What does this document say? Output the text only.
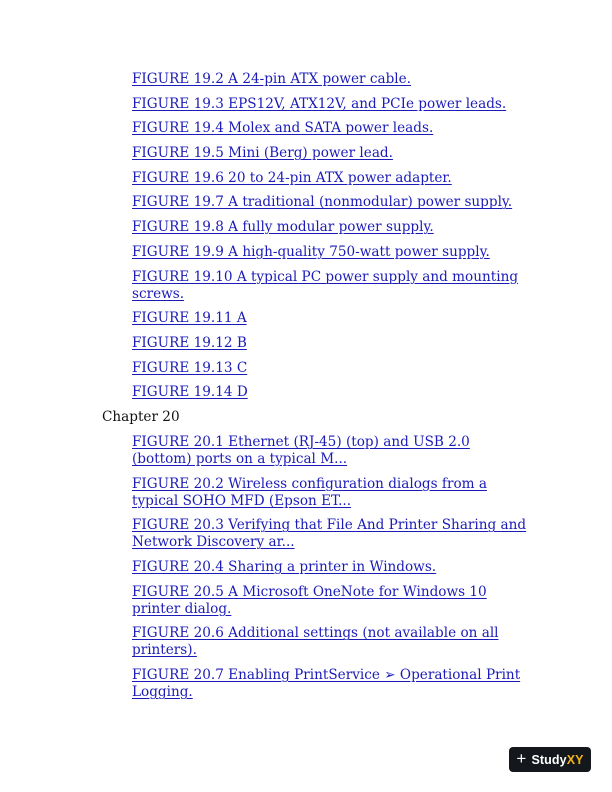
FIGURE 19.2 A 24-pin ATX power cable.
FIGURE 19.3 EPS12V, ATX12V, and PCIe power leads.
FIGURE 19.4 Molex and SATA power leads.
FIGURE 19.5 Mini (Berg) power lead.
FIGURE 19.6 20 to 24-pin ATX power adapter.
FIGURE 19.7 A traditional (nonmodular) power supply.
FIGURE 19.8 A fully modular power supply.
FIGURE 19.9 A high-quality 750-watt power supply.
FIGURE 19.10 A typical PC power supply and mounting screws.
FIGURE 19.11 A
FIGURE 19.12 B
FIGURE 19.13 C
FIGURE 19.14 D
Chapter 20
FIGURE 20.1 Ethernet (RJ-45) (top) and USB 2.0 (bottom) ports on a typical M...
FIGURE 20.2 Wireless configuration dialogs from a typical SOHO MFD (Epson ET...
FIGURE 20.3 Verifying that File And Printer Sharing and Network Discovery ar...
FIGURE 20.4 Sharing a printer in Windows.
FIGURE 20.5 A Microsoft OneNote for Windows 10 printer dialog.
FIGURE 20.6 Additional settings (not available on all printers).
FIGURE 20.7 Enabling PrintService ➢ Operational Print Logging.
+ Study XY
